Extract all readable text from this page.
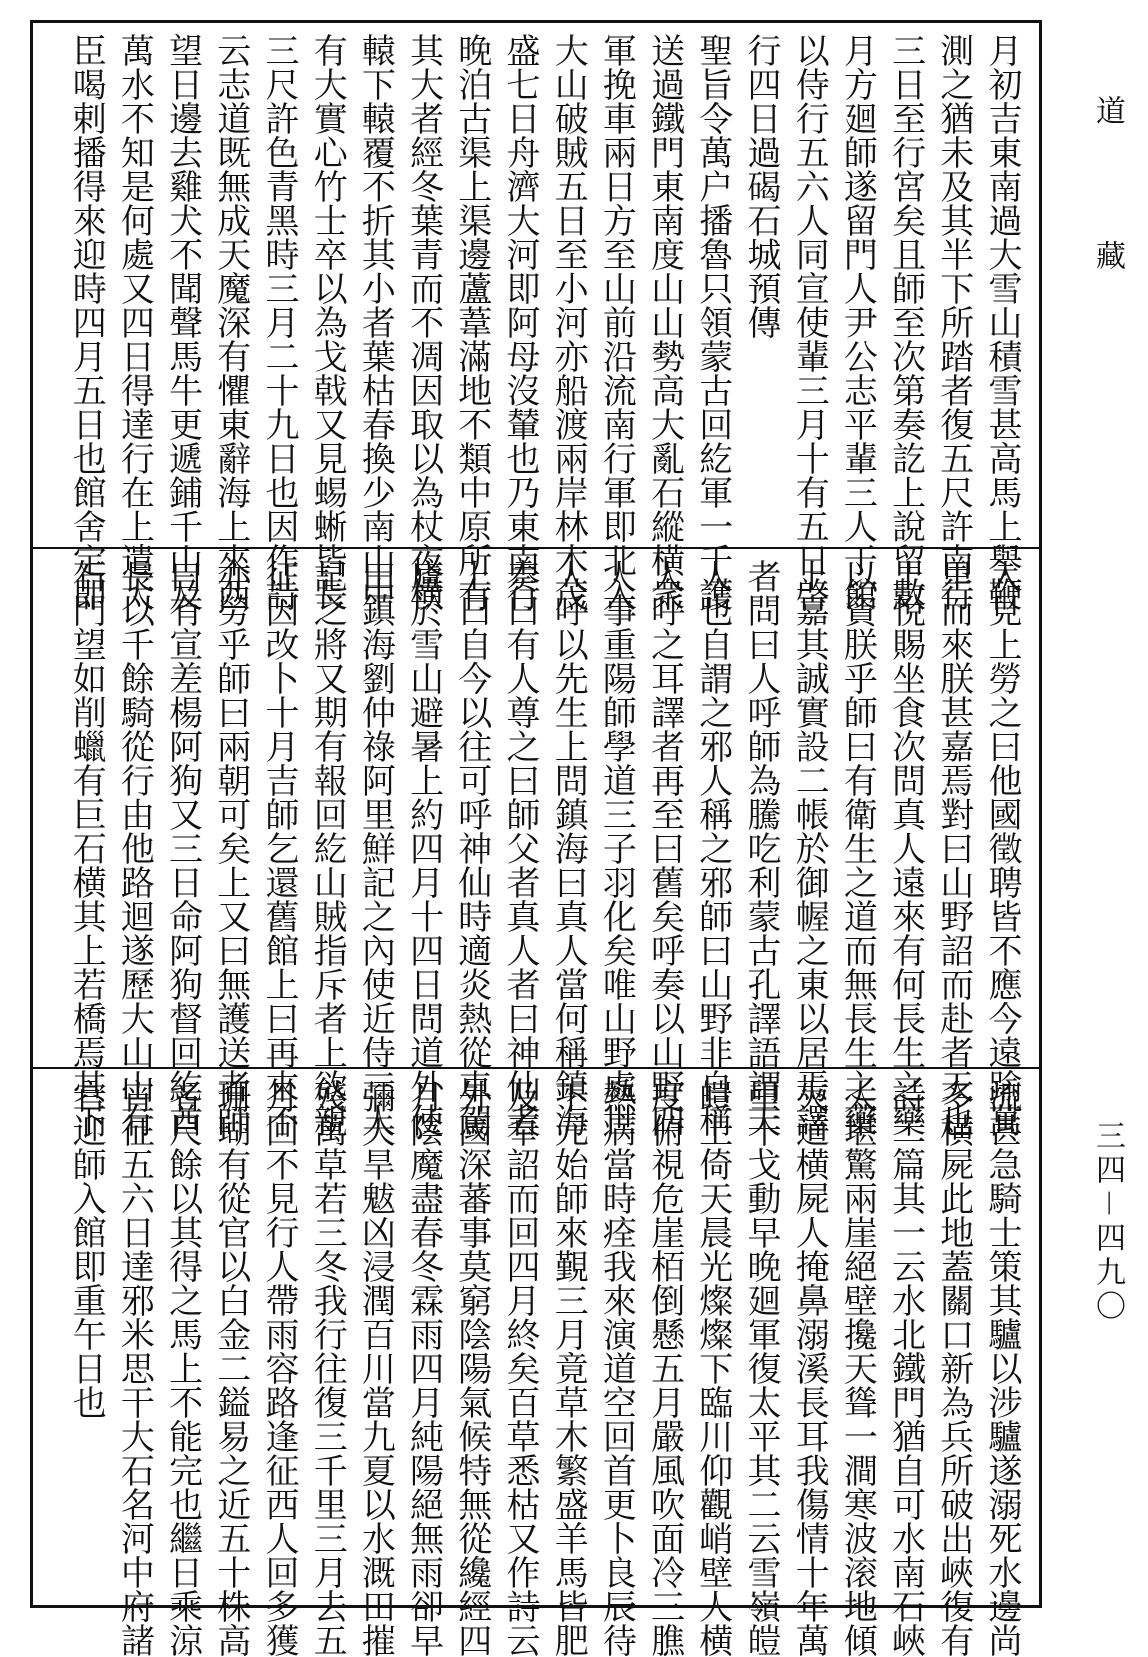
月初吉東南過大雪山積雪甚高馬上舉鞭
測之猶未及其半下所踏者復五尺許南行
三日至行宮矣且師至次第奏訖上說留數
月方廻師遂留門人尹公志平輩三人于館
以侍行五六人同宣使輩三月十有五日啓
行四日過碣石城預傳
聖旨令萬户播魯只領蒙古回紇軍一千護
送過鐵門東南度山山勢高大亂石縱横衆
軍挽車兩日方至山前沿流南行軍即北入
大山破賊五日至小河亦船渡兩岸林木茂
盛七日舟濟大河即阿母沒輦也乃東南行
晚泊古渠上渠邊蘆葦滿地不類中原所有
其大者經冬葉青而不凋因取以為杖夜横
轅下轅覆不折其小者葉枯春換少南山中
有大實心竹士卒以為戈戟又見蜴蜥皆長
三尺許色青黑時三月二十九日也因作詩
云志道既無成天魔深有懼東辭海上來西
望日邊去雞犬不聞聲馬牛更遞鋪千山及
萬水不知是何處又四日得達行在上遣大
臣喝剌播得來迎時四月五日也館舍定即
入見上勞之曰他國徵聘皆不應今遠踰萬
里而來朕甚嘉焉對曰山野詔而赴者天也
上悅賜坐食次問真人遠來有何長生之藥
以資朕乎師曰有衛生之道而無長生之藥
上嘉其誠實設二帳於御幄之東以居焉譯
者問曰人呼師為騰吃利蒙古孔譯語謂天
人也自謂之邪人稱之邪師曰山野非自稱
人呼之耳譯者再至曰舊矣呼奏以山野四
人事重陽師學道三子羽化矣唯山野處世
人呼以先生上問鎮海曰真人當何稱鎮海
奏曰有人尊之曰師父者真人者曰神仙者
上曰自今以往可呼神仙時適炎熱從車駕
廬於雪山避暑上約四月十四日問道外使
田鎮海劉仲祿阿里鮮記之內使近侍三人
記之將又期有報回紇山賊指斥者上欲親
征因改卜十月吉師乞還舊館上曰再來不
亦勞乎師曰兩朝可矣上又曰無護送者師
曰有宣差楊阿狗又三日命阿狗督回紇酋
長以千餘騎從行由他路迴遂歷大山山有
石門望如削蠟有巨石横其上若橋焉其下
流甚急騎士策其驢以涉驢遂溺死水邊尚
多横屍此地蓋關口新為兵所破出峽復有
詩二篇其一云水北鐵門猶自可水南石峽
太堪驚兩崖絕壁攙天聳一澗寒波滚地傾
夾道横屍人掩鼻溺溪長耳我傷情十年萬
里干戈動早晚廻軍復太平其二云雪嶺皚
皚上倚天晨光燦燦下臨川仰觀峭壁人横
度俯視危崖栢倒懸五月嚴風吹面冷三膲
熱病當時痊我來演道空回首更卜良辰待
下元始師來覲三月竟草木繁盛羊馬皆肥
及奉詔而回四月終矣百草悉枯又作詩云
外國深蕃事莫窮陰陽氣候特無從纔經四
月陰魔盡春冬霖雨四月純陽絕無雨卻早
彌天旱魃凶浸潤百川當九夏以水溉田摧
殘萬草若三冬我行往復三千里三月去五
月回不見行人帶雨容路逢征西人回多獲
珊瑚有從官以白金二鎰易之近五十株高
者尺餘以其得之馬上不能完也繼日乘涼
宵征五六日達邪米思干大石名河中府諸
官迎師入館即重午日也
道
藏
三四－四九〇
